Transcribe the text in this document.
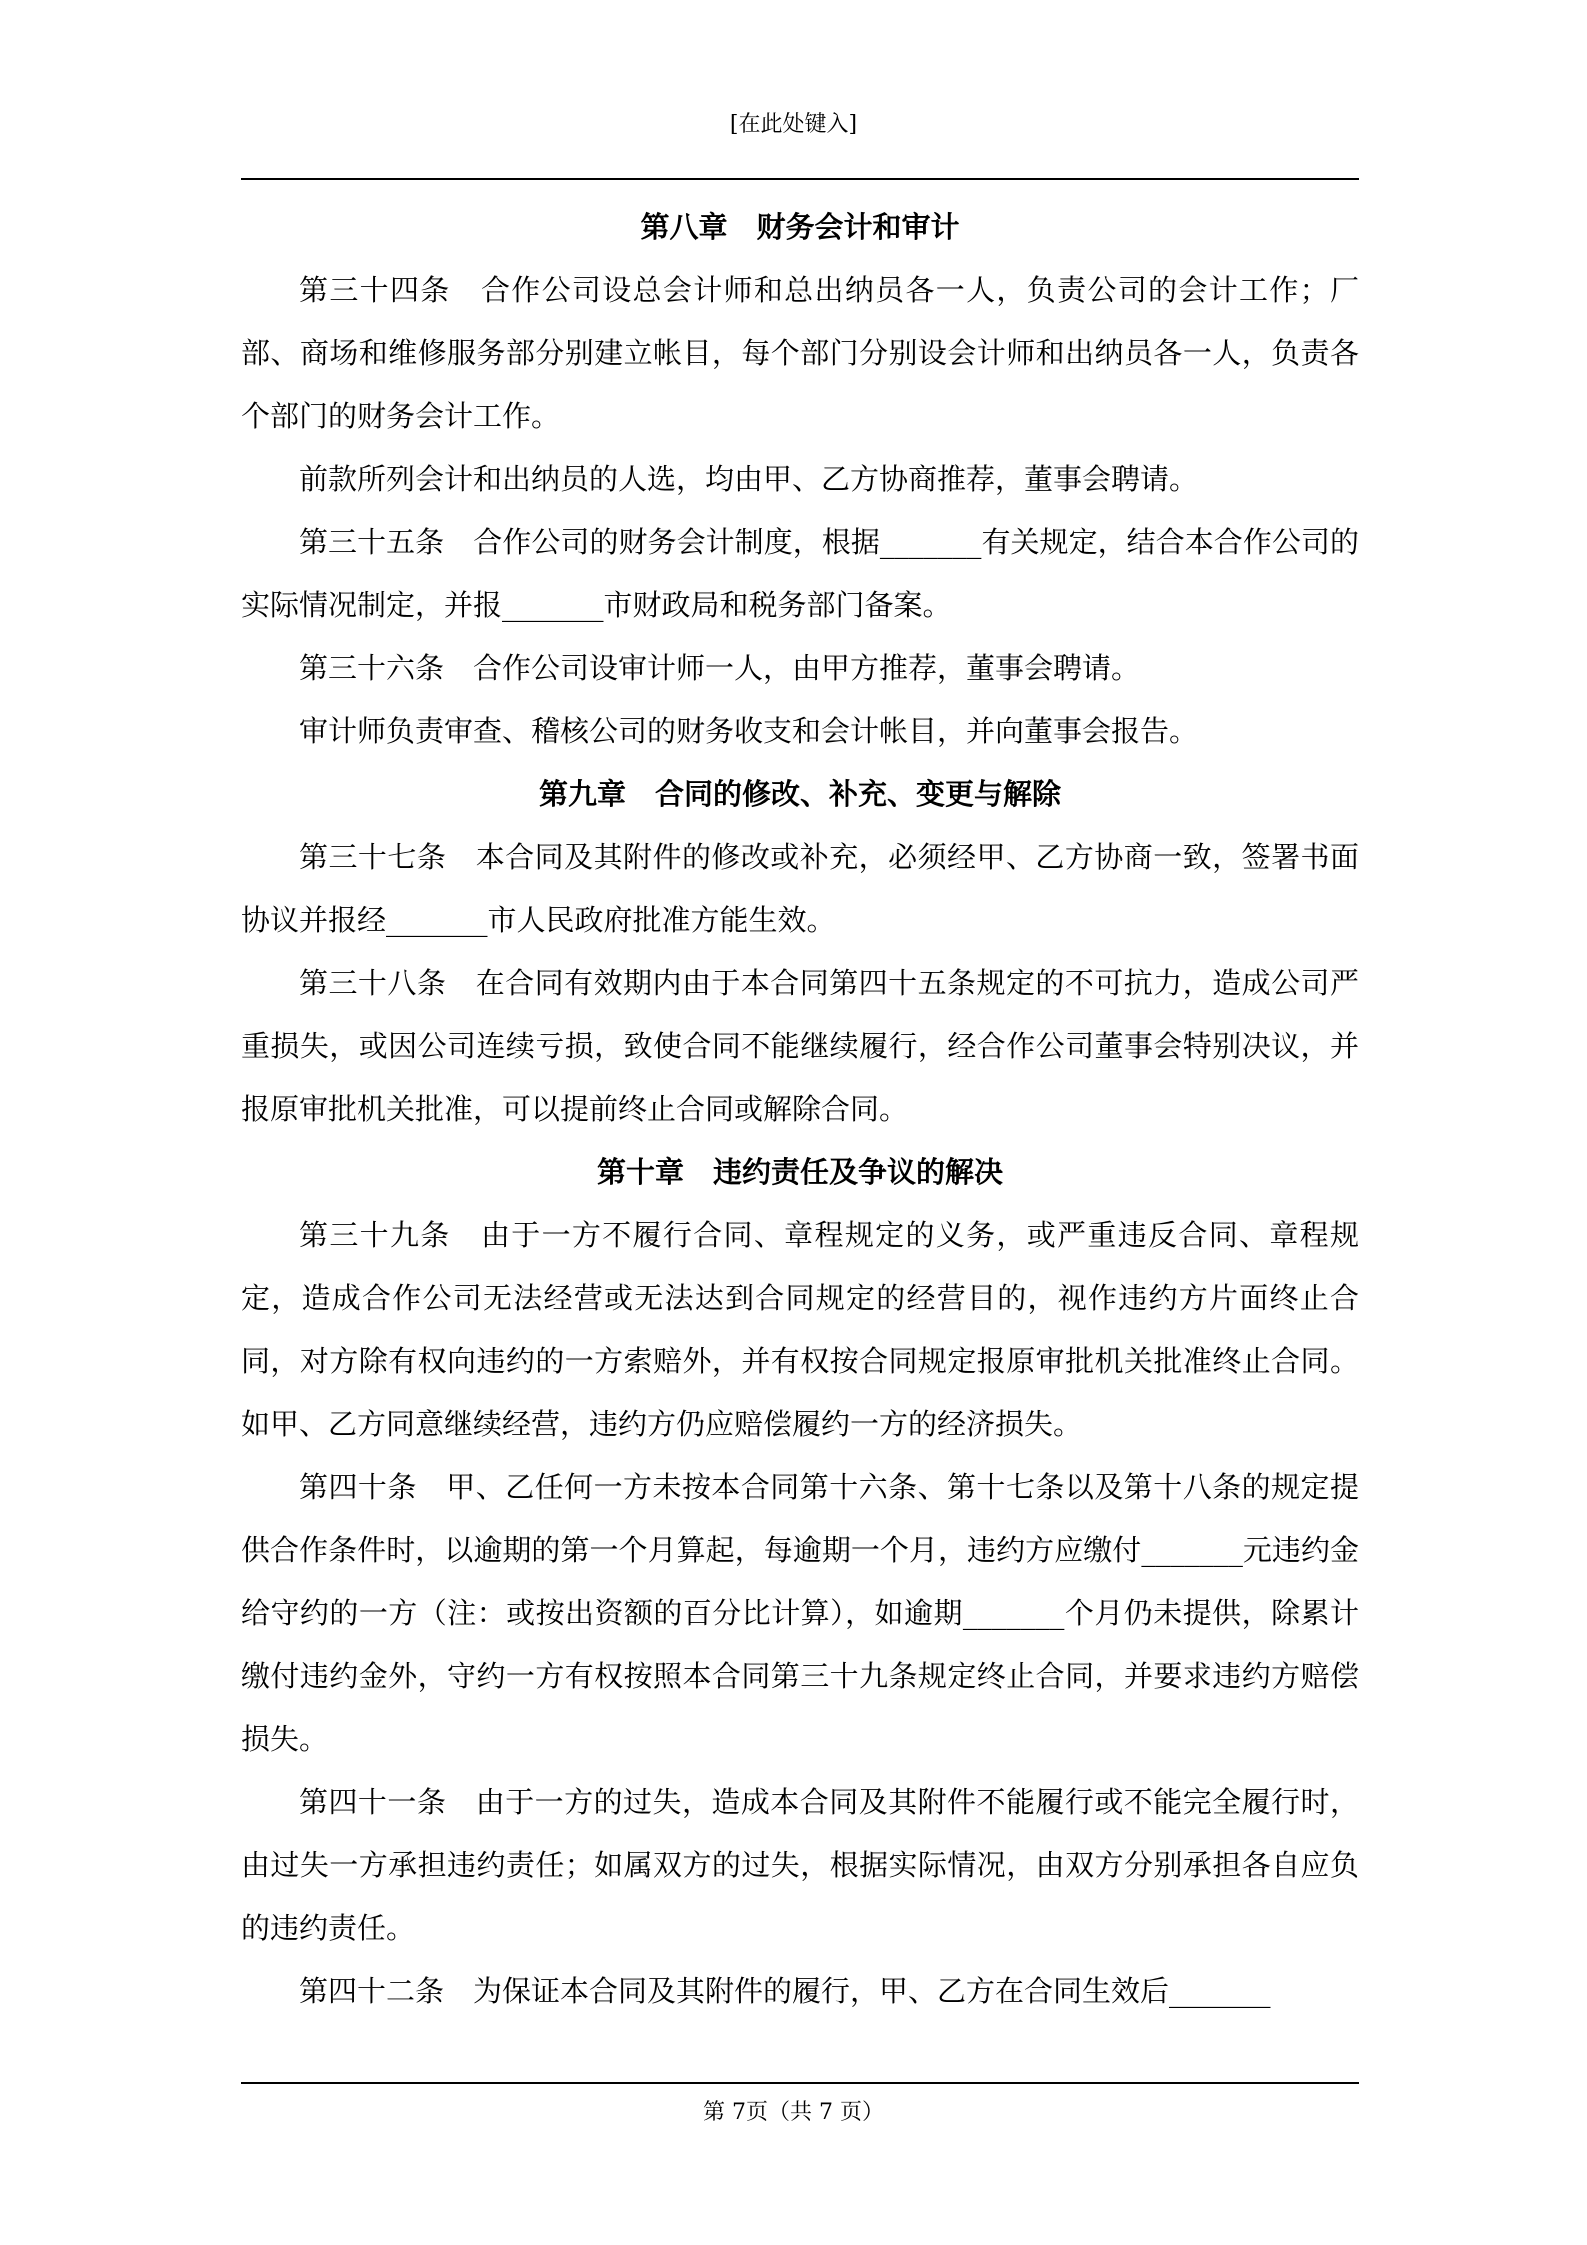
[在此处键入]
第八章　财务会计和审计

第三十四条　合作公司设总会计师和总出纳员各一人，负责公司的会计工作；厂部、商场和维修服务部分别建立帐目，每个部门分别设会计师和出纳员各一人，负责各个部门的财务会计工作。

前款所列会计和出纳员的人选，均由甲、乙方协商推荐，董事会聘请。

第三十五条　合作公司的财务会计制度，根据_______有关规定，结合本合作公司的实际情况制定，并报_______市财政局和税务部门备案。

第三十六条　合作公司设审计师一人，由甲方推荐，董事会聘请。

审计师负责审查、稽核公司的财务收支和会计帐目，并向董事会报告。

第九章　合同的修改、补充、变更与解除

第三十七条　本合同及其附件的修改或补充，必须经甲、乙方协商一致，签署书面协议并报经_______市人民政府批准方能生效。

第三十八条　在合同有效期内由于本合同第四十五条规定的不可抗力，造成公司严重损失，或因公司连续亏损，致使合同不能继续履行，经合作公司董事会特别决议，并报原审批机关批准，可以提前终止合同或解除合同。

第十章　违约责任及争议的解决

第三十九条　由于一方不履行合同、章程规定的义务，或严重违反合同、章程规定，造成合作公司无法经营或无法达到合同规定的经营目的，视作违约方片面终止合同，对方除有权向违约的一方索赔外，并有权按合同规定报原审批机关批准终止合同。如甲、乙方同意继续经营，违约方仍应赔偿履约一方的经济损失。

第四十条　甲、乙任何一方未按本合同第十六条、第十七条以及第十八条的规定提供合作条件时，以逾期的第一个月算起，每逾期一个月，违约方应缴付_______元违约金给守约的一方（注：或按出资额的百分比计算），如逾期_______个月仍未提供，除累计缴付违约金外，守约一方有权按照本合同第三十九条规定终止合同，并要求违约方赔偿损失。

第四十一条　由于一方的过失，造成本合同及其附件不能履行或不能完全履行时，由过失一方承担违约责任；如属双方的过失，根据实际情况，由双方分别承担各自应负的违约责任。

第四十二条　为保证本合同及其附件的履行，甲、乙方在合同生效后_______

第 7页（共 7 页）
